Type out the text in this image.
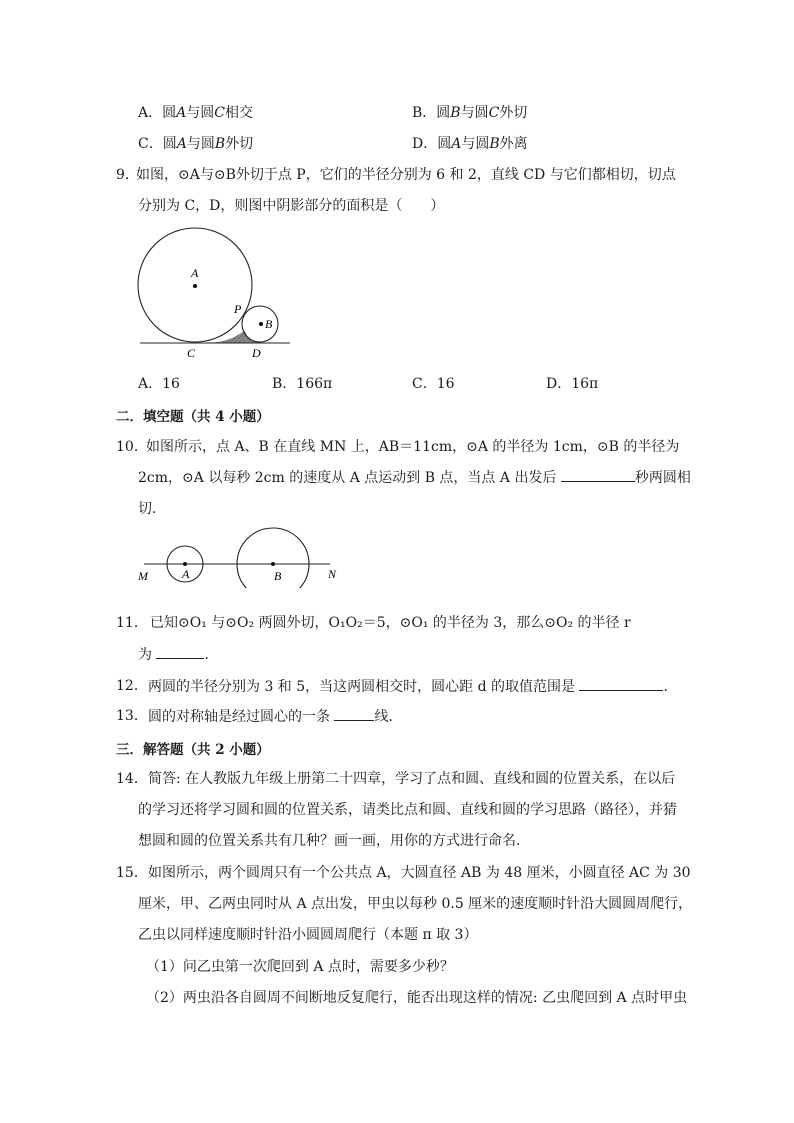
A．圆A与圆C相交	B．圆B与圆C外切
C．圆A与圆B外切	D．圆A与圆B外离
9．
如图，⊙A与⊙B外切于点 P，它们的半径分别为 6 和 2，直线 CD 与它们都相切，切点
分别为 C，D，则图中阴影部分的面积是（　　）
A
B
P
C	D
A．16	B．166π	C．16	D．16π
二．填空题（共 4 小题）
10．
如图所示，点 A、B 在直线 MN 上，AB＝11cm，⊙A 的半径为 1cm，⊙B 的半径为
2cm，⊙A 以每秒 2cm 的速度从 A 点运动到 B 点，当点 A 出发后	秒两圆相
切．
M	A	B	N
11． 已知⊙O₁ 与⊙O₂ 两圆外切，O₁O₂＝5，⊙O₁ 的半径为 3，那么⊙O₂ 的半径 r
为	．
12． 两圆的半径分别为 3 和 5，当这两圆相交时，圆心距 d 的取值范围是	．
13． 圆的对称轴是经过圆心的一条	线．
三．解答题（共 2 小题）
14． 简答: 在人教版九年级上册第二十四章，学习了点和圆、直线和圆的位置关系，在以后
的学习还将学习圆和圆的位置关系，请类比点和圆、直线和圆的学习思路（路径），并猜
想圆和圆的位置关系共有几种？画一画，用你的方式进行命名．
15． 如图所示，两个圆周只有一个公共点 A，大圆直径 AB 为 48 厘米，小圆直径 AC 为 30
厘米，甲、乙两虫同时从 A 点出发，甲虫以每秒 0.5 厘米的速度顺时针沿大圆圆周爬行，
乙虫以同样速度顺时针沿小圆圆周爬行（本题 π 取 3）
（1）问乙虫第一次爬回到 A 点时，需要多少秒？
（2）两虫沿各自圆周不间断地反复爬行，能否出现这样的情况: 乙虫爬回到 A 点时甲虫
